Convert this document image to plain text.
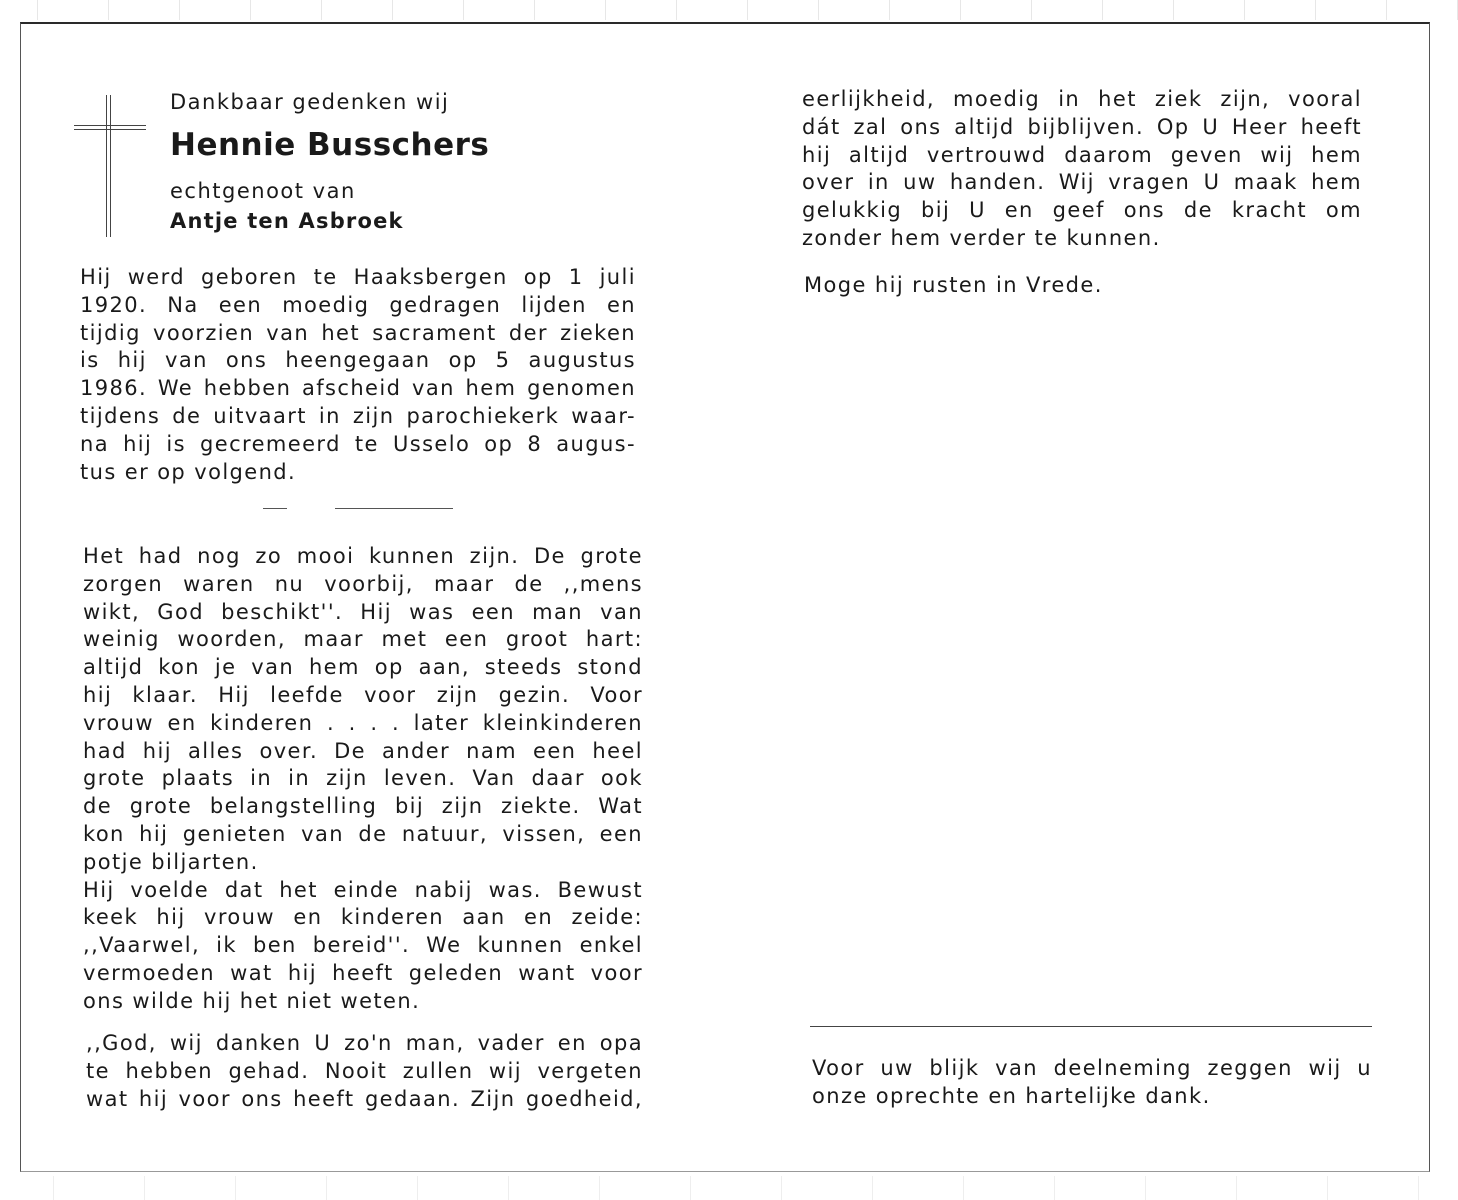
Dankbaar gedenken wij
Hennie Busschers
echtgenoot van
Antje ten Asbroek
Hij werd geboren te Haaksbergen op 1 juli
1920. Na een moedig gedragen lijden en
tijdig voorzien van het sacrament der zieken
is hij van ons heengegaan op 5 augustus
1986. We hebben afscheid van hem genomen
tijdens de uitvaart in zijn parochiekerk waar-
na hij is gecremeerd te Usselo op 8 augus-
tus er op volgend.
Het had nog zo mooi kunnen zijn. De grote
zorgen waren nu voorbij, maar de ,,mens
wikt, God beschikt''. Hij was een man van
weinig woorden, maar met een groot hart:
altijd kon je van hem op aan, steeds stond
hij klaar. Hij leefde voor zijn gezin. Voor
vrouw en kinderen . . . . later kleinkinderen
had hij alles over. De ander nam een heel
grote plaats in in zijn leven. Van daar ook
de grote belangstelling bij zijn ziekte. Wat
kon hij genieten van de natuur, vissen, een
potje biljarten.
Hij voelde dat het einde nabij was. Bewust
keek hij vrouw en kinderen aan en zeide:
,,Vaarwel, ik ben bereid''. We kunnen enkel
vermoeden wat hij heeft geleden want voor
ons wilde hij het niet weten.
,,God, wij danken U zo'n man, vader en opa
te hebben gehad. Nooit zullen wij vergeten
wat hij voor ons heeft gedaan. Zijn goedheid,
eerlijkheid, moedig in het ziek zijn, vooral
dát zal ons altijd bijblijven. Op U Heer heeft
hij altijd vertrouwd daarom geven wij hem
over in uw handen. Wij vragen U maak hem
gelukkig bij U en geef ons de kracht om
zonder hem verder te kunnen.
Moge hij rusten in Vrede.
Voor uw blijk van deelneming zeggen wij u
onze oprechte en hartelijke dank.
